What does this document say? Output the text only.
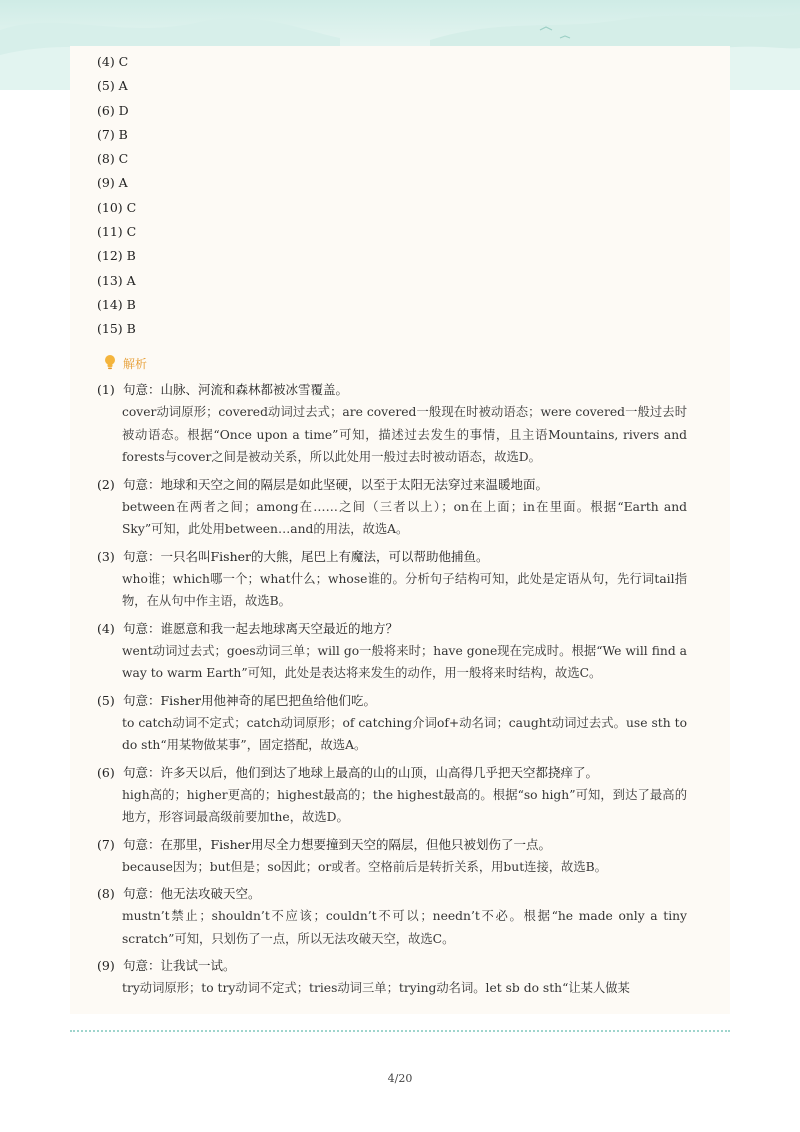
(4) C
(5) A
(6) D
(7) B
(8) C
(9) A
(10) C
(11) C
(12) B
(13) A
(14) B
(15) B
解析
(1) 句意：山脉、河流和森林都被冰雪覆盖。
cover动词原形；covered动词过去式；are covered一般现在时被动语态；were covered一般过去时被动语态。根据“Once upon a time”可知，描述过去发生的事情，且主语Mountains, rivers and forests与cover之间是被动关系，所以此处用一般过去时被动语态，故选D。
(2) 句意：地球和天空之间的隔层是如此坚硬，以至于太阳无法穿过来温暖地面。
between在两者之间；among在……之间（三者以上）；on在上面；in在里面。根据“Earth and Sky”可知，此处用between…and的用法，故选A。
(3) 句意：一只名叫Fisher的大熊，尾巴上有魔法，可以帮助他捕鱼。
who谁；which哪一个；what什么；whose谁的。分析句子结构可知，此处是定语从句，先行词tail指物，在从句中作主语，故选B。
(4) 句意：谁愿意和我一起去地球离天空最近的地方？
went动词过去式；goes动词三单；will go一般将来时；have gone现在完成时。根据“We will find a way to warm Earth”可知，此处是表达将来发生的动作，用一般将来时结构，故选C。
(5) 句意：Fisher用他神奇的尾巴把鱼给他们吃。
to catch动词不定式；catch动词原形；of catching介词of+动名词；caught动词过去式。use sth to do sth“用某物做某事”，固定搭配，故选A。
(6) 句意：许多天以后，他们到达了地球上最高的山的山顶，山高得几乎把天空都挠痒了。
high高的；higher更高的；highest最高的；the highest最高的。根据“so high”可知，到达了最高的地方，形容词最高级前要加the，故选D。
(7) 句意：在那里，Fisher用尽全力想要撞到天空的隔层，但他只被划伤了一点。
because因为；but但是；so因此；or或者。空格前后是转折关系，用but连接，故选B。
(8) 句意：他无法攻破天空。
mustn’t禁止；shouldn’t不应该；couldn’t不可以；needn’t不必。根据“he made only a tiny scratch”可知，只划伤了一点，所以无法攻破天空，故选C。
(9) 句意：让我试一试。
try动词原形；to try动词不定式；tries动词三单；trying动名词。let sb do sth“让某人做某
4/20
